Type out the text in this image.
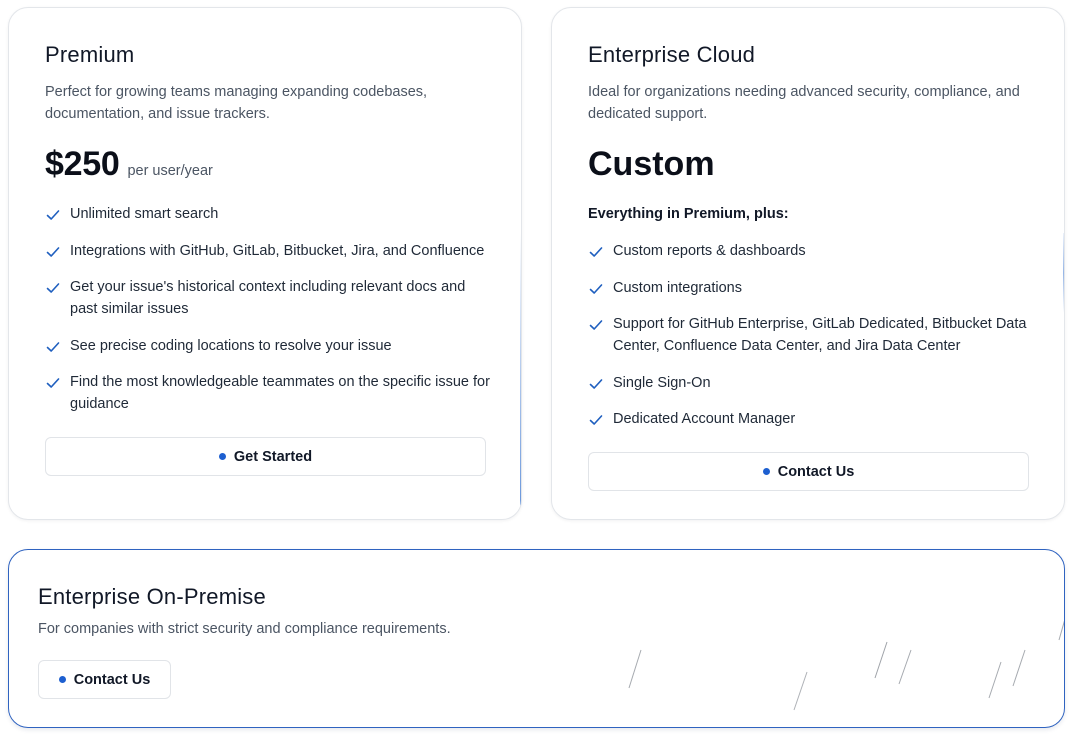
Premium

Perfect for growing teams managing expanding codebases, documentation, and issue trackers.

$250 per user/year
Unlimited smart search
Integrations with GitHub, GitLab, Bitbucket, Jira, and Confluence
Get your issue's historical context including relevant docs and past similar issues
See precise coding locations to resolve your issue
Find the most knowledgeable teammates on the specific issue for guidance
Get Started
Enterprise Cloud

Ideal for organizations needing advanced security, compliance, and dedicated support.

Custom
Everything in Premium, plus:
Custom reports & dashboards
Custom integrations
Support for GitHub Enterprise, GitLab Dedicated, Bitbucket Data Center, Confluence Data Center, and Jira Data Center
Single Sign-On
Dedicated Account Manager
Contact Us
Enterprise On-Premise

For companies with strict security and compliance requirements.

Contact Us
